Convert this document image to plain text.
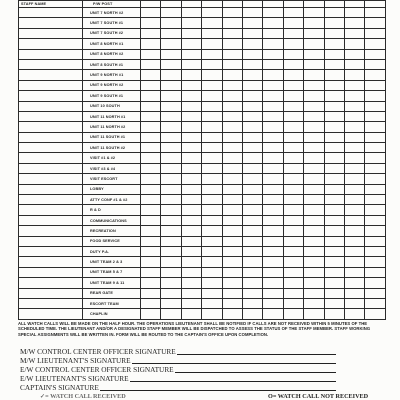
STAFF NAME	P/W POST												
	UNIT 7 NORTH #2												
	UNIT 7 SOUTH #1												
	UNIT 7 SOUTH #2												
	UNIT 8 NORTH #1												
	UNIT 8 NORTH #2												
	UNIT 8 SOUTH #1												
	UNIT 9 NORTH #1												
	UNIT 9 NORTH #2												
	UNIT 9 SOUTH #1												
	UNIT 10 SOUTH												
	UNIT 11 NORTH #1												
	UNIT 11 NORTH #2												
	UNIT 11 SOUTH #1												
	UNIT 11 SOUTH #2												
	VISIT #1 & #2												
	VISIT #3 & #4												
	VISIT ESCORT												
	LOBBY												
	ATTY CONF #1 & #2												
	R & D												
	COMMUNICATIONS												
	RECREATION												
	FOOD SERVICE												
	DUTY P.A.												
	UNIT TEAM 2 & 3												
	UNIT TEAM 5 & 7												
	UNIT TEAM 9 & 11												
	REAR GATE												
	ESCORT TEAM												
	CHAPLIN												
ALL WATCH CALLS WILL BE MADE ON THE HALF HOUR. THE OPERATIONS LIEUTENANT SHALL BE NOTIFIED IF CALLS ARE NOT RECEIVED WITHIN 5 MINUTES OF THE SCHEDULED TIME. THE LIEUTENANT AND/OR A DESIGNATED STAFF MEMBER WILL BE DISPATCHED TO ASSESS THE STATUS OF THE STAFF MEMBER. STAFF WORKING SPECIAL ASSIGNMENTS WILL BE WRITTEN IN. FORM WILL BE ROUTED TO THE CAPTAIN'S OFFICE UPON COMPLETION.
M/W CONTROL CENTER OFFICER SIGNATURE
M/W LIEUTENANT'S SIGNATURE
E/W CONTROL CENTER OFFICER SIGNATURE
E/W LIEUTENANT'S SIGNATURE
CAPTAIN'S SIGNATURE
✓= WATCH CALL RECEIVED	O= WATCH CALL NOT RECEIVED
